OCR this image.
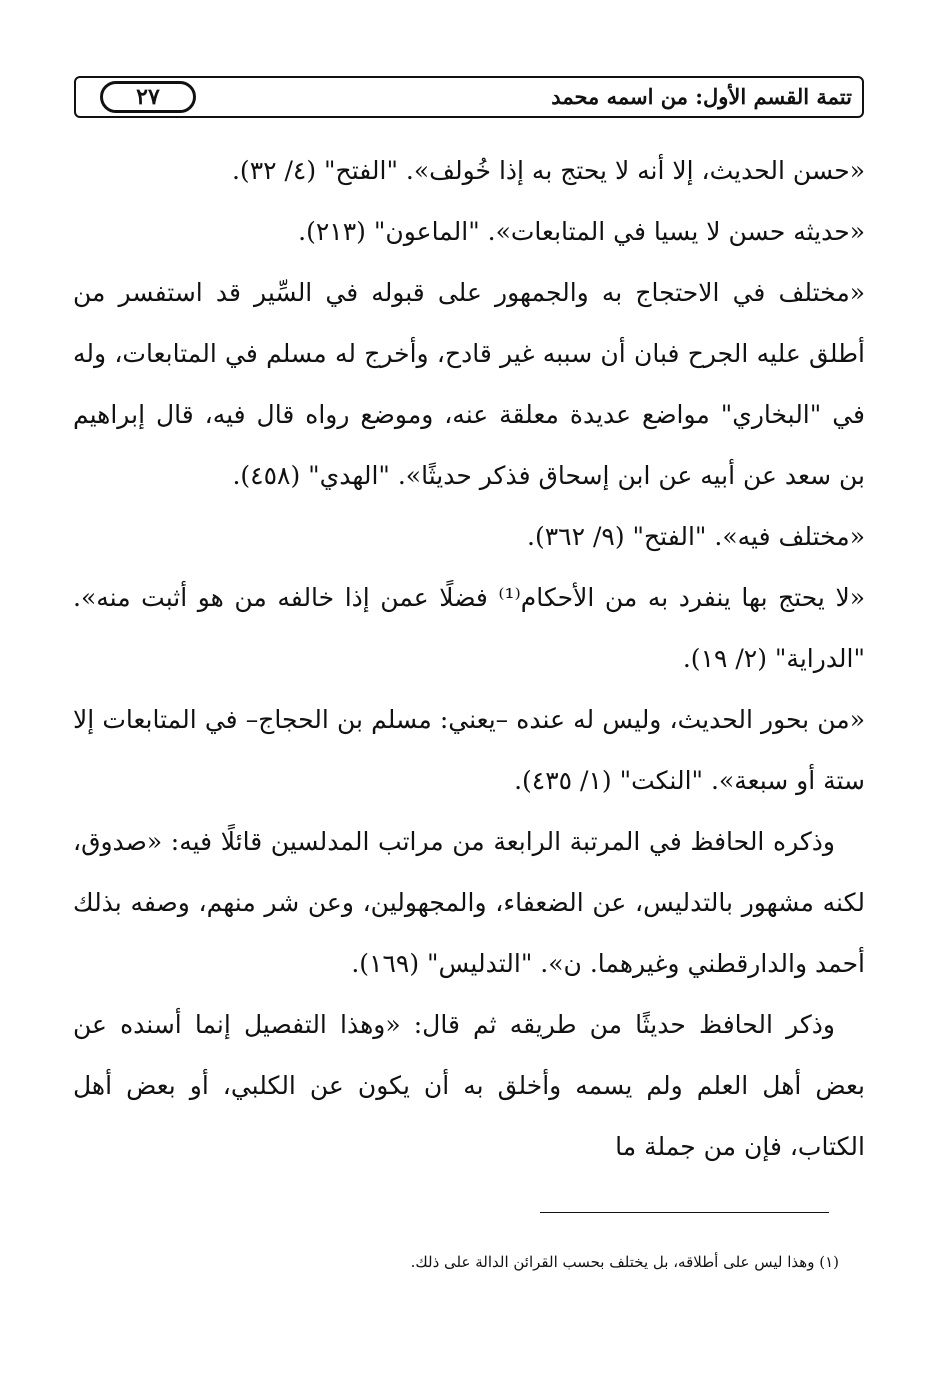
تتمة القسم الأول: من اسمه محمد
٢٧

«حسن الحديث، إلا أنه لا يحتج به إذا خُولف». "الفتح" (٤/ ٣٢).

«حديثه حسن لا يسيا في المتابعات». "الماعون" (٢١٣).

«مختلف في الاحتجاج به والجمهور على قبوله في السِّير قد استفسر من أطلق عليه الجرح فبان أن سببه غير قادح، وأخرج له مسلم في المتابعات، وله في "البخاري" مواضع عديدة معلقة عنه، وموضع رواه قال فيه، قال إبراهيم بن سعد عن أبيه عن ابن إسحاق فذكر حديثًا». "الهدي" (٤٥٨).

«مختلف فيه». "الفتح" (٩/ ٣٦٢).

«لا يحتج بها ينفرد به من الأحكام⁽¹⁾ فضلًا عمن إذا خالفه من هو أثبت منه». "الدراية" (٢/ ١٩).

«من بحور الحديث، وليس له عنده –يعني: مسلم بن الحجاج– في المتابعات إلا ستة أو سبعة». "النكت" (١/ ٤٣٥).

وذكره الحافظ في المرتبة الرابعة من مراتب المدلسين قائلًا فيه: «صدوق، لكنه مشهور بالتدليس، عن الضعفاء، والمجهولين، وعن شر منهم، وصفه بذلك أحمد والدارقطني وغيرهما. ن». "التدليس" (١٦٩).

وذكر الحافظ حديثًا من طريقه ثم قال: «وهذا التفصيل إنما أسنده عن بعض أهل العلم ولم يسمه وأخلق به أن يكون عن الكلبي، أو بعض أهل الكتاب، فإن من جملة ما

(١) وهذا ليس على أطلاقه، بل يختلف بحسب القرائن الدالة على ذلك.
